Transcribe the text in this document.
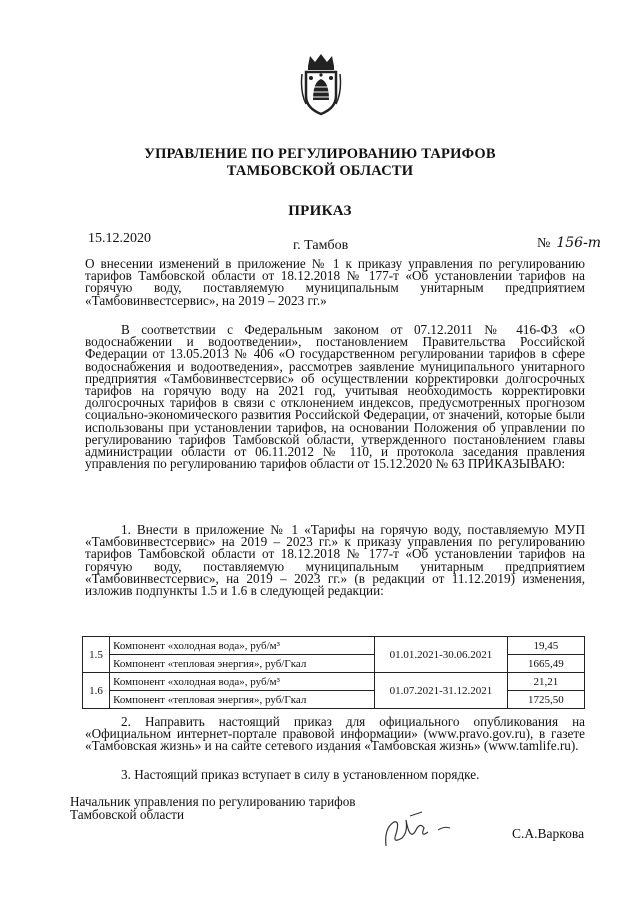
УПРАВЛЕНИЕ ПО РЕГУЛИРОВАНИЮ ТАРИФОВ
ТАМБОВСКОЙ ОБЛАСТИ
ПРИКАЗ
15.12.2020	г. Тамбов	№ 156-т
О внесении изменений в приложение № 1 к приказу управления по регулированию тарифов Тамбовской области от 18.12.2018 № 177-т «Об установлении тарифов на горячую воду, поставляемую муниципальным унитарным предприятием «Тамбовинвестсервис», на 2019 – 2023 гг.»
В соответствии с Федеральным законом от 07.12.2011 № 416-ФЗ «О водоснабжении и водоотведении», постановлением Правительства Российской Федерации от 13.05.2013 № 406 «О государственном регулировании тарифов в сфере водоснабжения и водоотведения», рассмотрев заявление муниципального унитарного предприятия «Тамбовинвестсервис» об осуществлении корректировки долгосрочных тарифов на горячую воду на 2021 год, учитывая необходимость корректировки долгосрочных тарифов в связи с отклонением индексов, предусмотренных прогнозом социально-экономического развития Российской Федерации, от значений, которые были использованы при установлении тарифов, на основании Положения об управлении по регулированию тарифов Тамбовской области, утвержденного постановлением главы администрации области от 06.11.2012 № 110, и протокола заседания правления управления по регулированию тарифов области от 15.12.2020 № 63 ПРИКАЗЫВАЮ:
1. Внести в приложение № 1 «Тарифы на горячую воду, поставляемую МУП «Тамбовинвестсервис» на 2019 – 2023 гг.» к приказу управления по регулированию тарифов Тамбовской области от 18.12.2018 № 177-т «Об установлении тарифов на горячую воду, поставляемую муниципальным унитарным предприятием «Тамбовинвестсервис», на 2019 – 2023 гг.» (в редакции от 11.12.2019) изменения, изложив подпункты 1.5 и 1.6 в следующей редакции:
1.5	Компонент «холодная вода», руб/м³	01.01.2021-30.06.2021	19,45
	Компонент «тепловая энергия», руб/Гкал		1665,49
1.6	Компонент «холодная вода», руб/м³	01.07.2021-31.12.2021	21,21
	Компонент «тепловая энергия», руб/Гкал		1725,50
2. Направить настоящий приказ для официального опубликования на «Официальном интернет-портале правовой информации» (www.pravo.gov.ru), в газете «Тамбовская жизнь» и на сайте сетевого издания «Тамбовская жизнь» (www.tamlife.ru).
3. Настоящий приказ вступает в силу в установленном порядке.
Начальник управления по регулированию тарифов Тамбовской области
С.А.Варкова
